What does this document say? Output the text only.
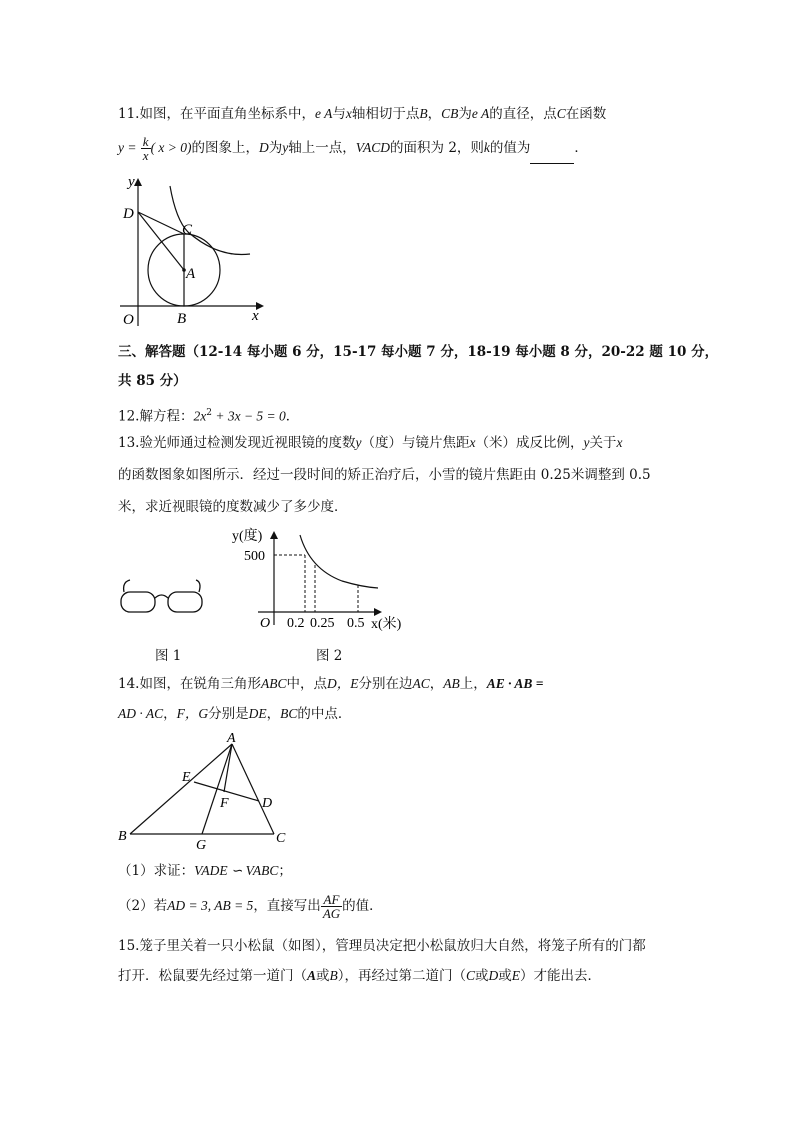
11.如图，在平面直角坐标系中，e A与x轴相切于点B，CB为e A的直径，点C在函数
$y = \frac{k}{x}$ ( x > 0)的图象上，D为y轴上一点，VACD的面积为 2，则k的值为	．
y
x
O	B
A
C
D
三、解答题（12-14 每小题 6 分，15-17 每小题 7 分，18-19 每小题 8 分，20-22 题 10 分，
共 85 分）
12.解方程：$2x^2 + 3x - 5 = 0$．
13.验光师通过检测发现近视眼镜的度数y（度）与镜片焦距x（米）成反比例，y关于x
的函数图象如图所示．经过一段时间的矫正治疗后，小雪的镜片焦距由 0.25米调整到 0.5
米，求近视眼镜的度数减少了多少度．
图 1
y(度)
500
O 0.2 0.25 0.5 x(米)
图 2
14.如图，在锐角三角形ABC中，点D，E分别在边AC，AB上，AE · AB =
AD · AC，F，G分别是DE，BC的中点．
A
B	C
D
E
F
G
（1）求证：VADE ∽ VABC；
（2）若AD = 3, AB = 5，直接写出 $\frac{AF}{AG}$ 的值．
15.笼子里关着一只小松鼠（如图），管理员决定把小松鼠放归大自然，将笼子所有的门都
打开．松鼠要先经过第一道门（A或B），再经过第二道门（C或D或E）才能出去．
